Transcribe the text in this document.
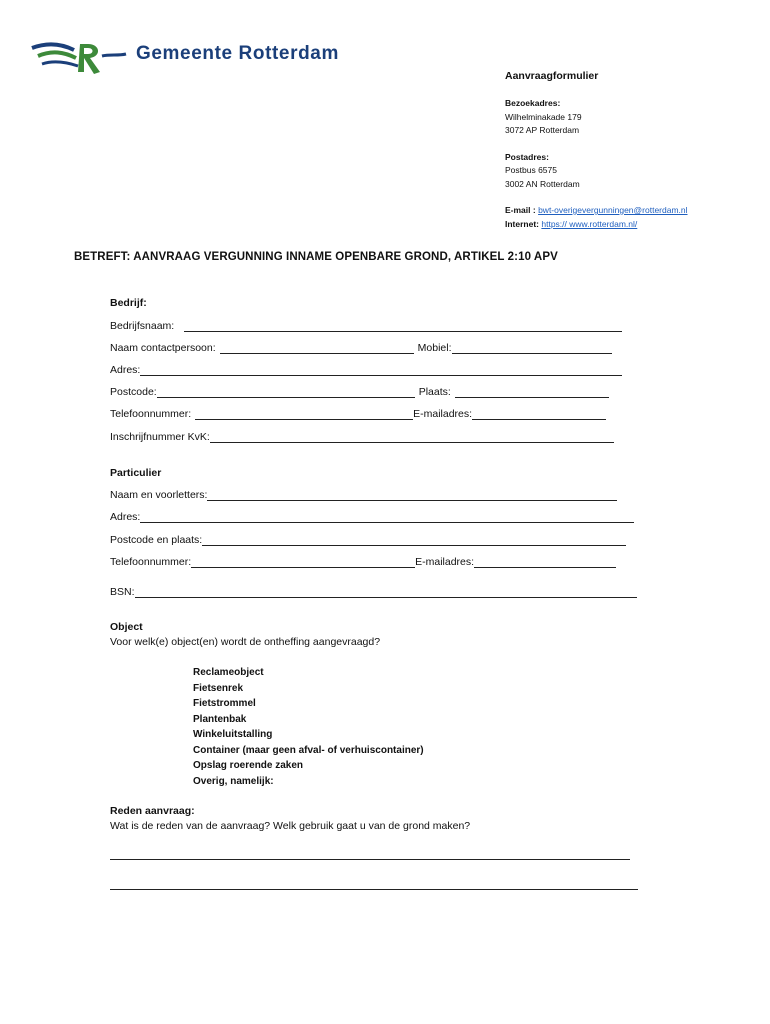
Gemeente Rotterdam
Aanvraagformulier
Bezoekadres:
Wilhelminakade 179
3072 AP Rotterdam
Postadres:
Postbus 6575
3002 AN Rotterdam
E-mail : bwt-overigevergunningen@rotterdam.nl
Internet: https:// www.rotterdam.nl/
BETREFT: AANVRAAG VERGUNNING INNAME OPENBARE GROND, ARTIKEL 2:10 APV
Bedrijf:
Bedrijfsnaam:
Naam contactpersoon:	Mobiel:
Adres:
Postcode:	Plaats:
Telefoonnummer:	E-mailadres:
Inschrijfnummer KvK:
Particulier
Naam en voorletters:
Adres:
Postcode en plaats:
Telefoonnummer:	E-mailadres:
BSN:
Object
Voor welk(e) object(en) wordt de ontheffing aangevraagd?
Reclameobject
Fietsenrek
Fietstrommel
Plantenbak
Winkeluitstalling
Container (maar geen afval- of verhuiscontainer)
Opslag roerende zaken
Overig, namelijk:
Reden aanvraag:
Wat is de reden van de aanvraag? Welk gebruik gaat u van de grond maken?
